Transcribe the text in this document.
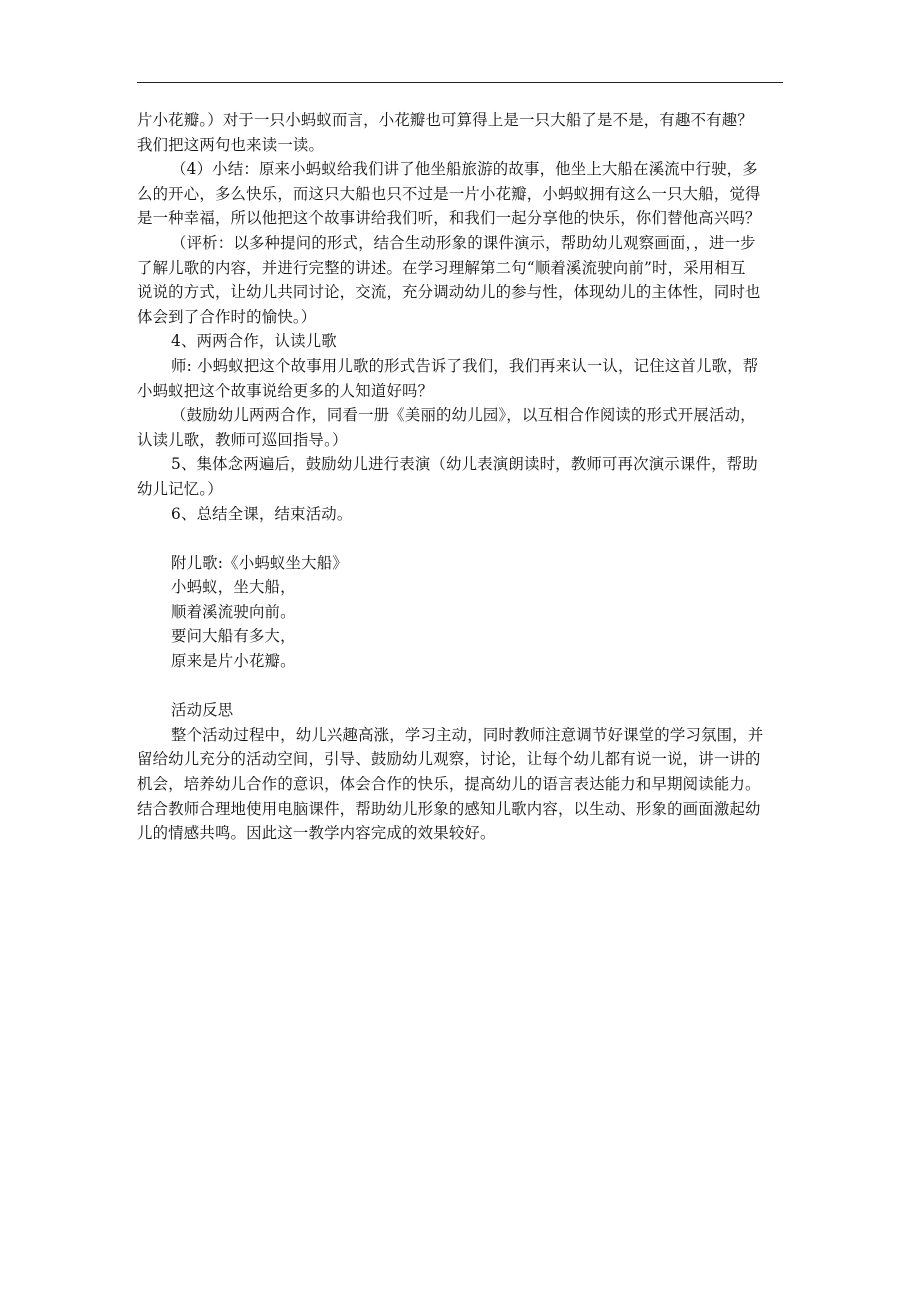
片小花瓣。）对于一只小蚂蚁而言，小花瓣也可算得上是一只大船了是不是，有趣不有趣？

我们把这两句也来读一读。

（4）小结：原来小蚂蚁给我们讲了他坐船旅游的故事，他坐上大船在溪流中行驶，多

么的开心，多么快乐，而这只大船也只不过是一片小花瓣，小蚂蚁拥有这么一只大船，觉得

是一种幸福，所以他把这个故事讲给我们听，和我们一起分享他的快乐，你们替他高兴吗？

（评析：以多种提问的形式，结合生动形象的课件演示，帮助幼儿观察画面，，进一步

了解儿歌的内容，并进行完整的讲述。在学习理解第二句“顺着溪流驶向前”时，采用相互

说说的方式，让幼儿共同讨论，交流，充分调动幼儿的参与性，体现幼儿的主体性，同时也

体会到了合作时的愉快。）

4、两两合作，认读儿歌

师: 小蚂蚁把这个故事用儿歌的形式告诉了我们，我们再来认一认，记住这首儿歌，帮

小蚂蚁把这个故事说给更多的人知道好吗？

（鼓励幼儿两两合作，同看一册《美丽的幼儿园》，以互相合作阅读的形式开展活动，

认读儿歌，教师可巡回指导。）

5、集体念两遍后，鼓励幼儿进行表演（幼儿表演朗读时，教师可再次演示课件，帮助

幼儿记忆。）

6、总结全课，结束活动。

附儿歌:《小蚂蚁坐大船》

小蚂蚁，坐大船，

顺着溪流驶向前。

要问大船有多大，

原来是片小花瓣。

活动反思

整个活动过程中，幼儿兴趣高涨，学习主动，同时教师注意调节好课堂的学习氛围，并

留给幼儿充分的活动空间，引导、鼓励幼儿观察，讨论，让每个幼儿都有说一说，讲一讲的

机会，培养幼儿合作的意识，体会合作的快乐，提高幼儿的语言表达能力和早期阅读能力。

结合教师合理地使用电脑课件，帮助幼儿形象的感知儿歌内容，以生动、形象的画面激起幼

儿的情感共鸣。因此这一教学内容完成的效果较好。
